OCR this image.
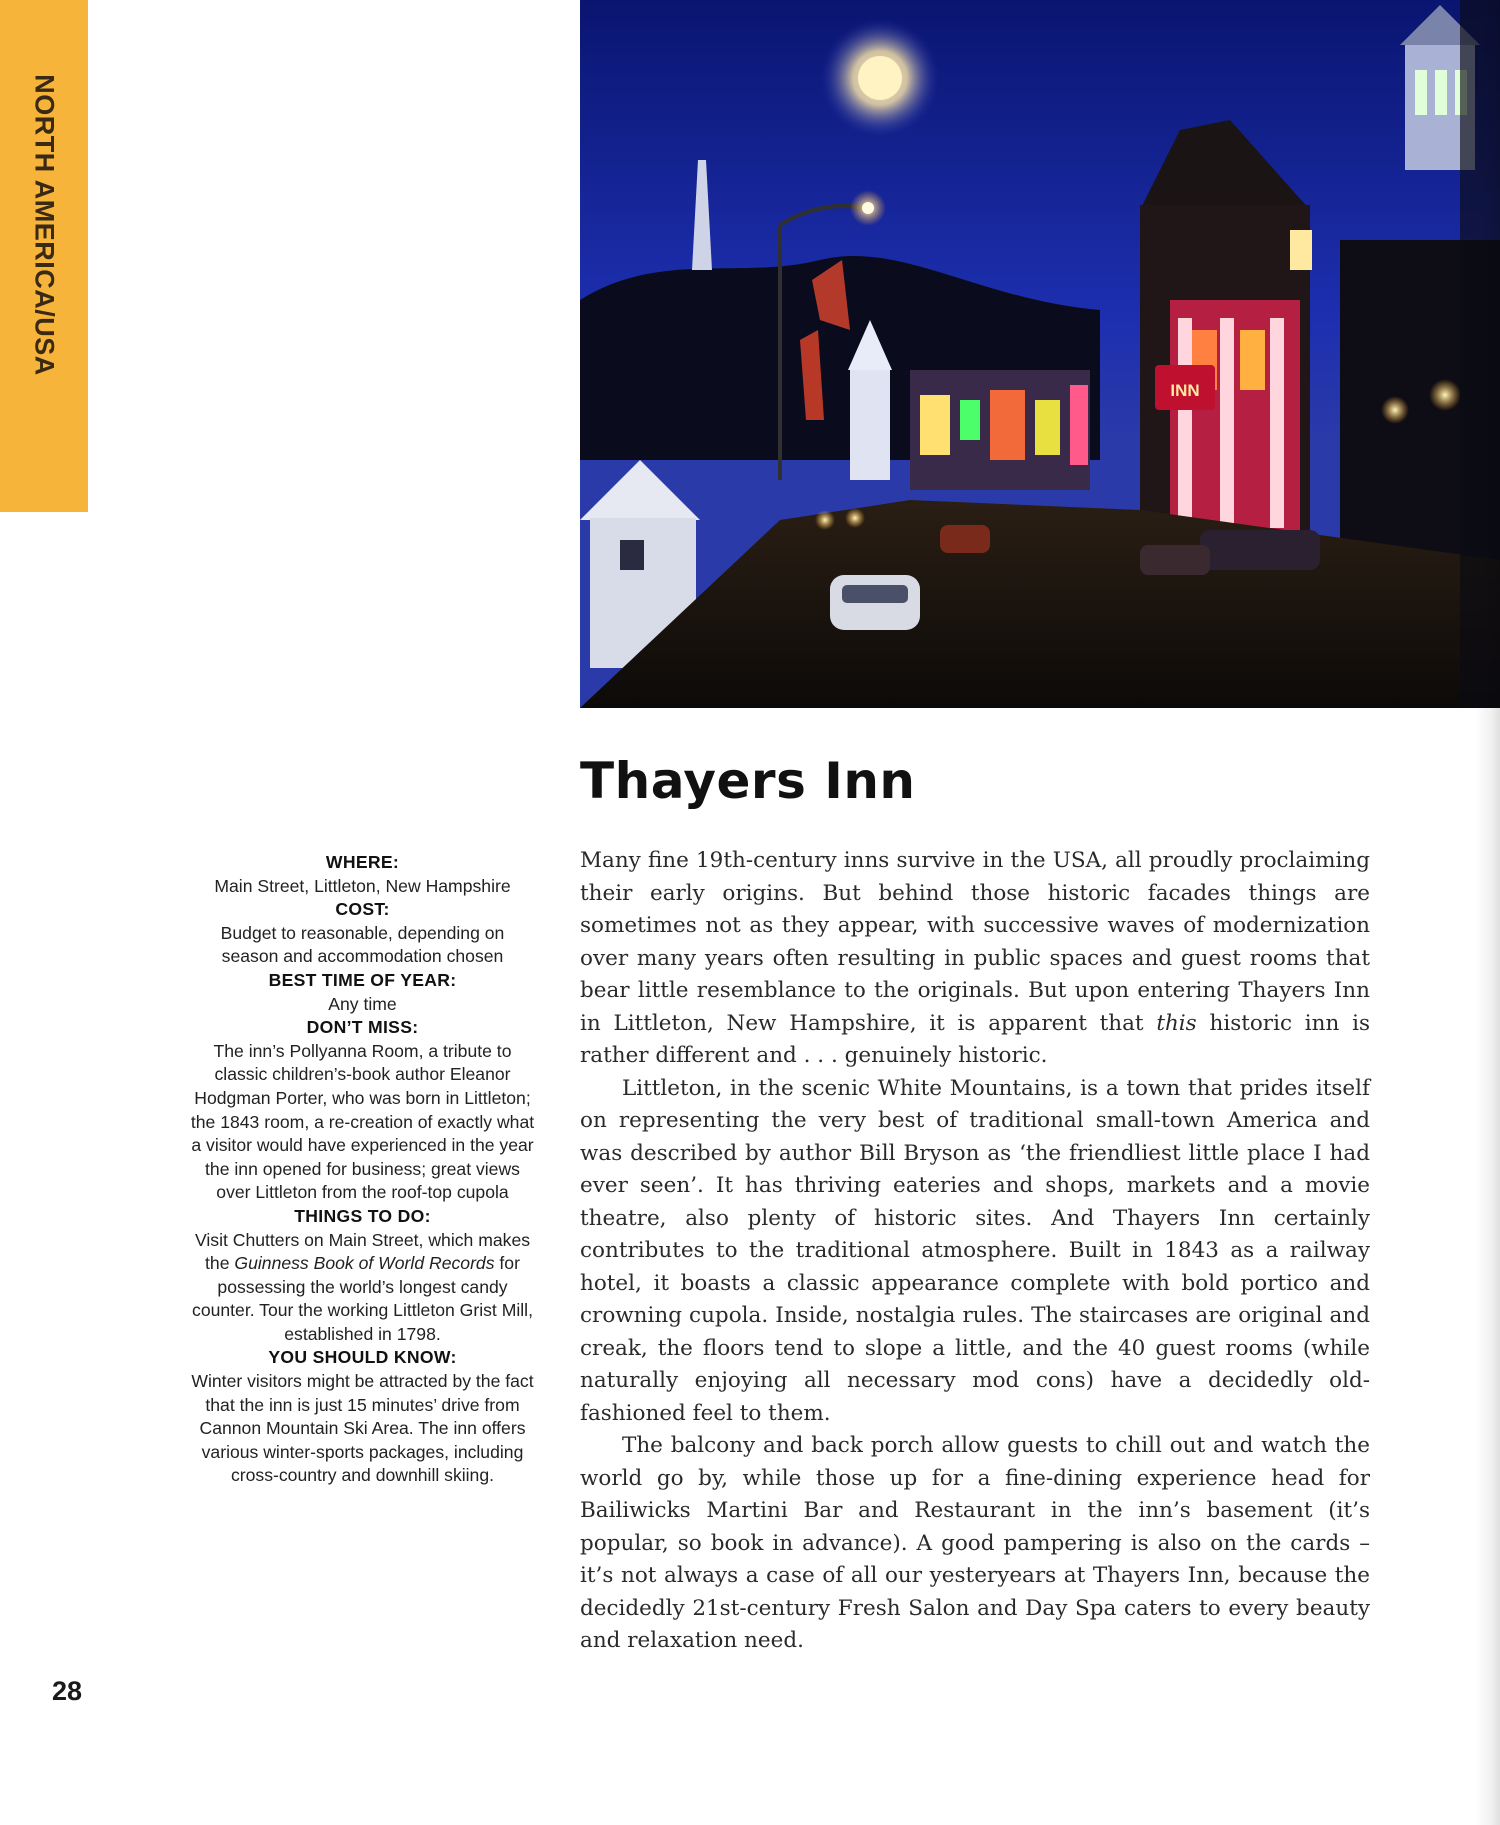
NORTH AMERICA/USA
INN
Thayers Inn

Many fine 19th-century inns survive in the USA, all proudly proclaiming their early origins. But behind those historic facades things are sometimes not as they appear, with successive waves of modernization over many years often resulting in public spaces and guest rooms that bear little resemblance to the originals. But upon entering Thayers Inn in Littleton, New Hampshire, it is apparent that this historic inn is rather different and . . . genuinely historic.

Littleton, in the scenic White Mountains, is a town that prides itself on representing the very best of traditional small-town America and was described by author Bill Bryson as ‘the friendliest little place I had ever seen’. It has thriving eateries and shops, markets and a movie theatre, also plenty of historic sites. And Thayers Inn certainly contributes to the traditional atmosphere. Built in 1843 as a railway hotel, it boasts a classic appearance complete with bold portico and crowning cupola. Inside, nostalgia rules. The staircases are original and creak, the floors tend to slope a little, and the 40 guest rooms (while naturally enjoying all necessary mod cons) have a decidedly old-fashioned feel to them.

The balcony and back porch allow guests to chill out and watch the world go by, while those up for a fine-dining experience head for Bailiwicks Martini Bar and Restaurant in the inn’s basement (it’s popular, so book in advance). A good pampering is also on the cards – it’s not always a case of all our yesteryears at Thayers Inn, because the decidedly 21st-century Fresh Salon and Day Spa caters to every beauty and relaxation need.

WHERE:
Main Street, Littleton, New Hampshire
COST:
Budget to reasonable, depending on season and accommodation chosen
BEST TIME OF YEAR:
Any time
DON’T MISS:
The inn’s Pollyanna Room, a tribute to classic children’s-book author Eleanor Hodgman Porter, who was born in Littleton; the 1843 room, a re-creation of exactly what a visitor would have experienced in the year the inn opened for business; great views over Littleton from the roof-top cupola
THINGS TO DO:
Visit Chutters on Main Street, which makes the Guinness Book of World Records for possessing the world’s longest candy counter. Tour the working Littleton Grist Mill, established in 1798.
YOU SHOULD KNOW:
Winter visitors might be attracted by the fact that the inn is just 15 minutes’ drive from Cannon Mountain Ski Area. The inn offers various winter-sports packages, including cross-country and downhill skiing.
28
